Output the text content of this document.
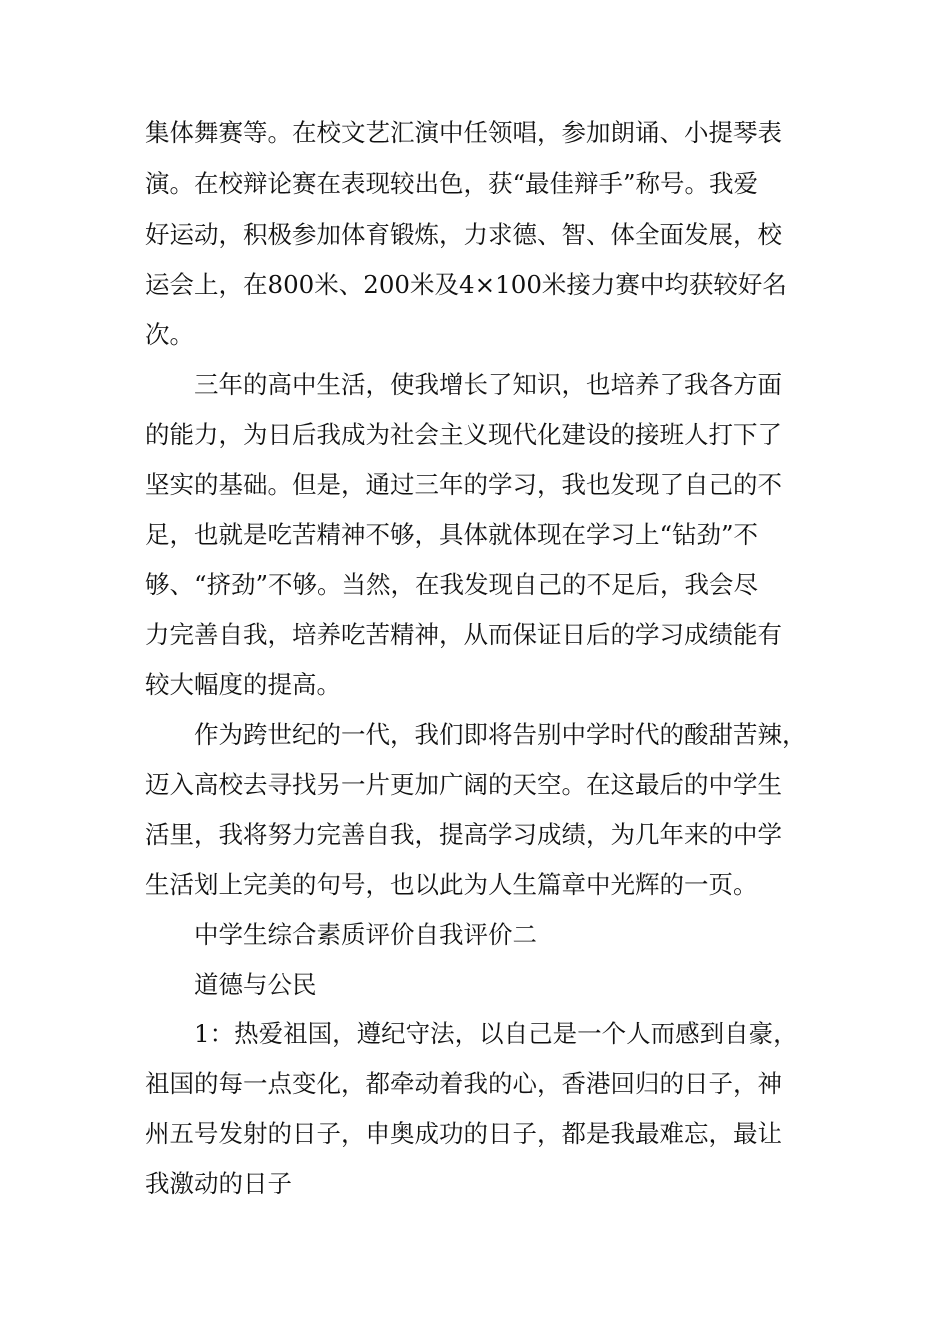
集体舞赛等。在校文艺汇演中任领唱，参加朗诵、小提琴表

演。在校辩论赛在表现较出色，获“最佳辩手”称号。我爱

好运动，积极参加体育锻炼，力求德、智、体全面发展，校

运会上，在800米、200米及4×100米接力赛中均获较好名

次。

三年的高中生活，使我增长了知识，也培养了我各方面

的能力，为日后我成为社会主义现代化建设的接班人打下了

坚实的基础。但是，通过三年的学习，我也发现了自己的不

足，也就是吃苦精神不够，具体就体现在学习上“钻劲”不

够、“挤劲”不够。当然，在我发现自己的不足后，我会尽

力完善自我，培养吃苦精神，从而保证日后的学习成绩能有

较大幅度的提高。

作为跨世纪的一代，我们即将告别中学时代的酸甜苦辣，

迈入高校去寻找另一片更加广阔的天空。在这最后的中学生

活里，我将努力完善自我，提高学习成绩，为几年来的中学

生活划上完美的句号，也以此为人生篇章中光辉的一页。

中学生综合素质评价自我评价二

道德与公民

1：热爱祖国，遵纪守法，以自己是一个人而感到自豪，

祖国的每一点变化，都牵动着我的心，香港回归的日子，神

州五号发射的日子，申奥成功的日子，都是我最难忘，最让

我激动的日子
